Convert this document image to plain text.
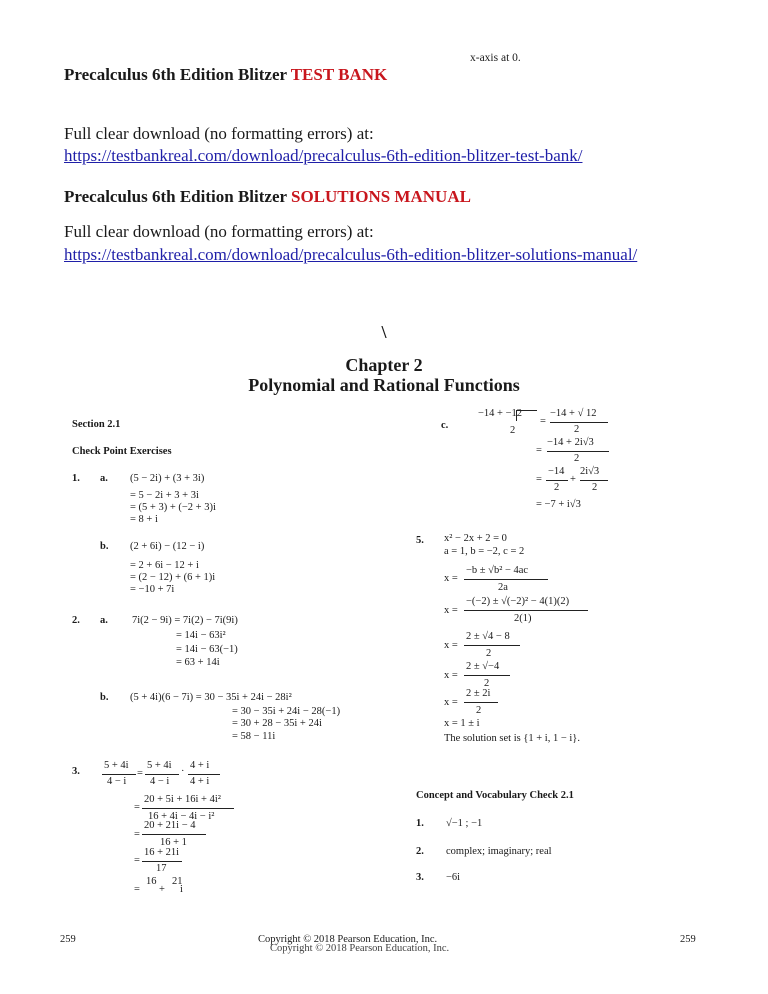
x-axis at 0.
Precalculus 6th Edition Blitzer TEST BANK
Full clear download (no formatting errors) at:
https://testbankreal.com/download/precalculus-6th-edition-blitzer-test-bank/
Precalculus 6th Edition Blitzer SOLUTIONS MANUAL
Full clear download (no formatting errors) at:
https://testbankreal.com/download/precalculus-6th-edition-blitzer-solutions-manual/
\
Chapter 2
Polynomial and Rational Functions
Section 2.1
Check Point Exercises
1. a. (5 − 2i) + (3 + 3i)
= 5 − 2i + 3 + 3i
= (5 + 3) + (−2 + 3)i
= 8 + i
b. (2 + 6i) − (12 − i)
= 2 + 6i − 12 + i
= (2 − 12) + (6 + 1)i
= −10 + 7i
2. a. 7i(2 − 9i) = 7i(2) − 7i(9i)
= 14i − 63i²
= 14i − 63(−1)
= 63 + 14i
b. (5 + 4i)(6 − 7i) = 30 − 35i + 24i − 28i²
= 30 − 35i + 24i − 28(−1)
= 30 + 28 − 35i + 24i
= 58 − 11i
3.
5 + 4i
4 − i
=
5 + 4i
4 − i
·
4 + i
4 + i
=
20 + 5i + 16i + 4i²
16 + 4i − 4i − i²
=
20 + 21i − 4
16 + 1
=
16 + 21i
17
=
16
+
21
i
c.
−14 + −12
2
=
−14 + √ 12
2
=
−14 + 2i√3
2
=
−14
2
+
2i√3
2
= −7 + i√3
5. x² − 2x + 2 = 0
a = 1, b = −2, c = 2
x =
−b ± √b² − 4ac
2a
x =
−(−2) ± √(−2)² − 4(1)(2)
2(1)
x =
2 ± √4 − 8
2
x =
2 ± √−4
2
x =
2 ± 2i
2
x = 1 ± i
The solution set is {1 + i, 1 − i}.
Concept and Vocabulary Check 2.1
1. √−1 ; −1
2. complex; imaginary; real
3. −6i
259	Copyright © 2018 Pearson Education, Inc.
Copyright © 2018 Pearson Education, Inc.
259
